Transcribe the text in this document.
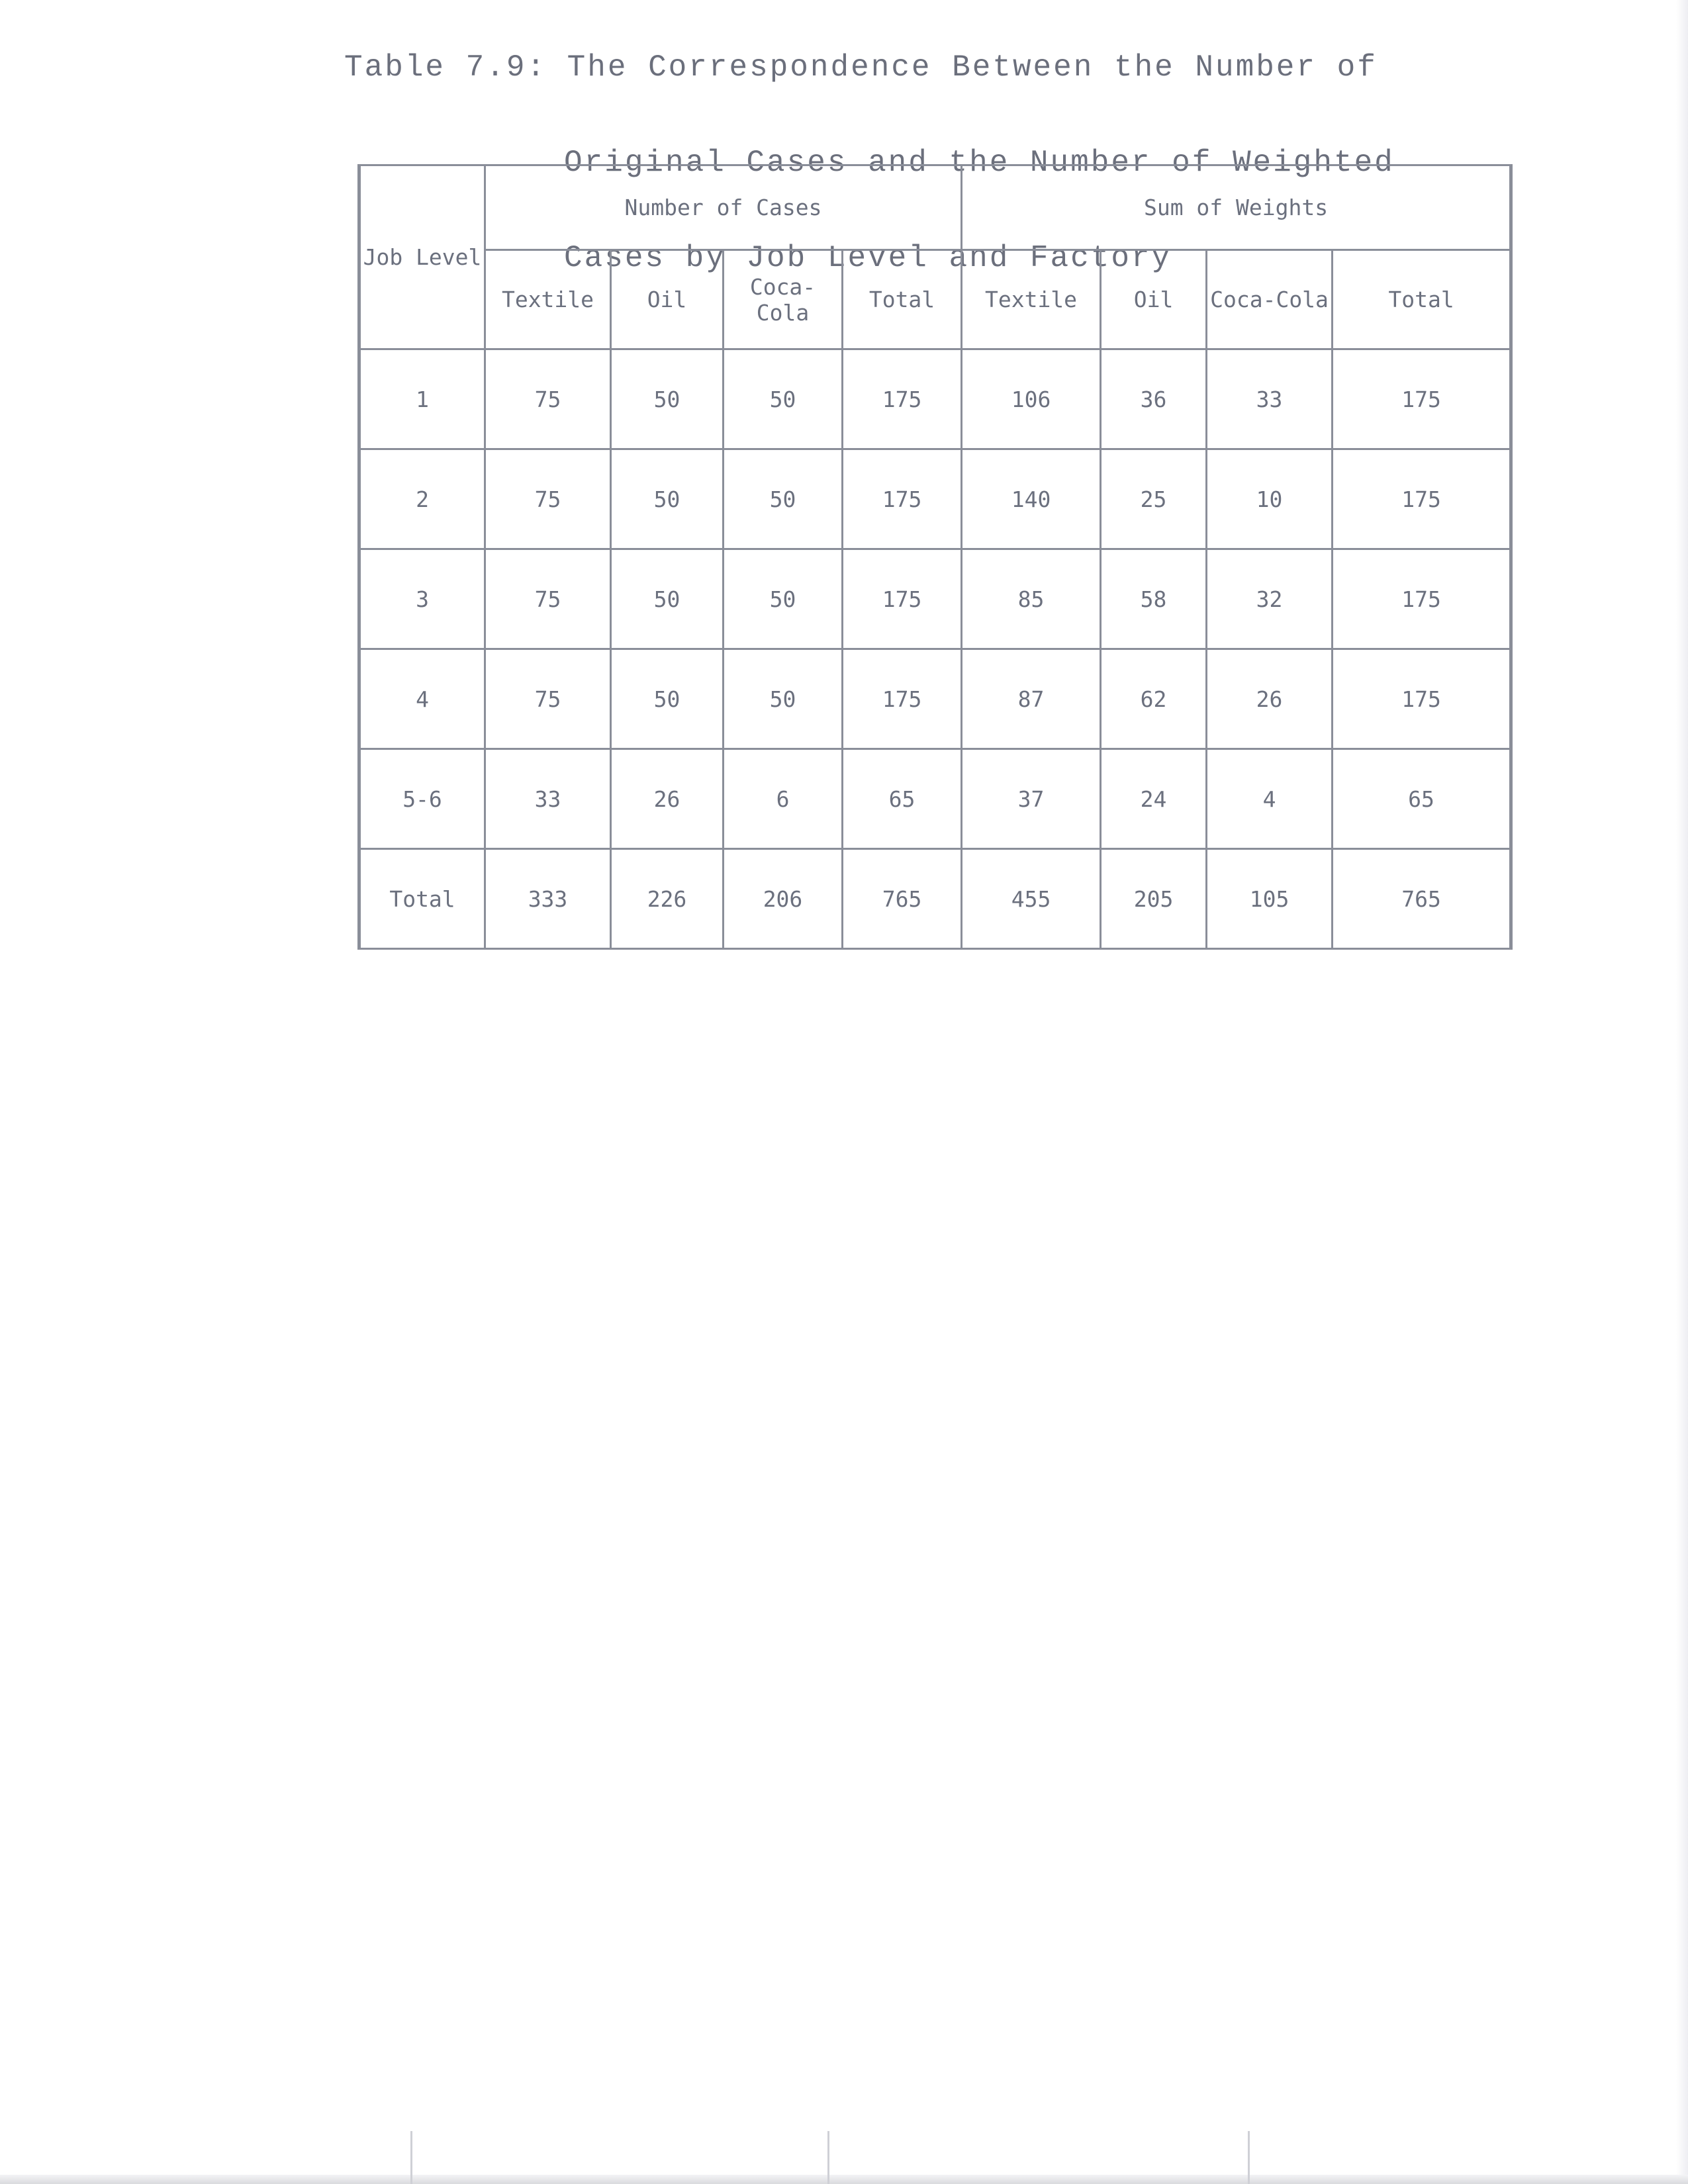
Table 7.9: The Correspondence Between the Number of

Original Cases and the Number of Weighted

Cases by Job Level and Factory

Job Level	Number of Cases				Sum of Weights			
	Textile	Oil	Coca-Cola	Total	Textile	Oil	Coca-Cola	Total
1	75	50	50	175	106	36	33	175
2	75	50	50	175	140	25	10	175
3	75	50	50	175	85	58	32	175
4	75	50	50	175	87	62	26	175
5-6	33	26	6	65	37	24	4	65
Total	333	226	206	765	455	205	105	765
